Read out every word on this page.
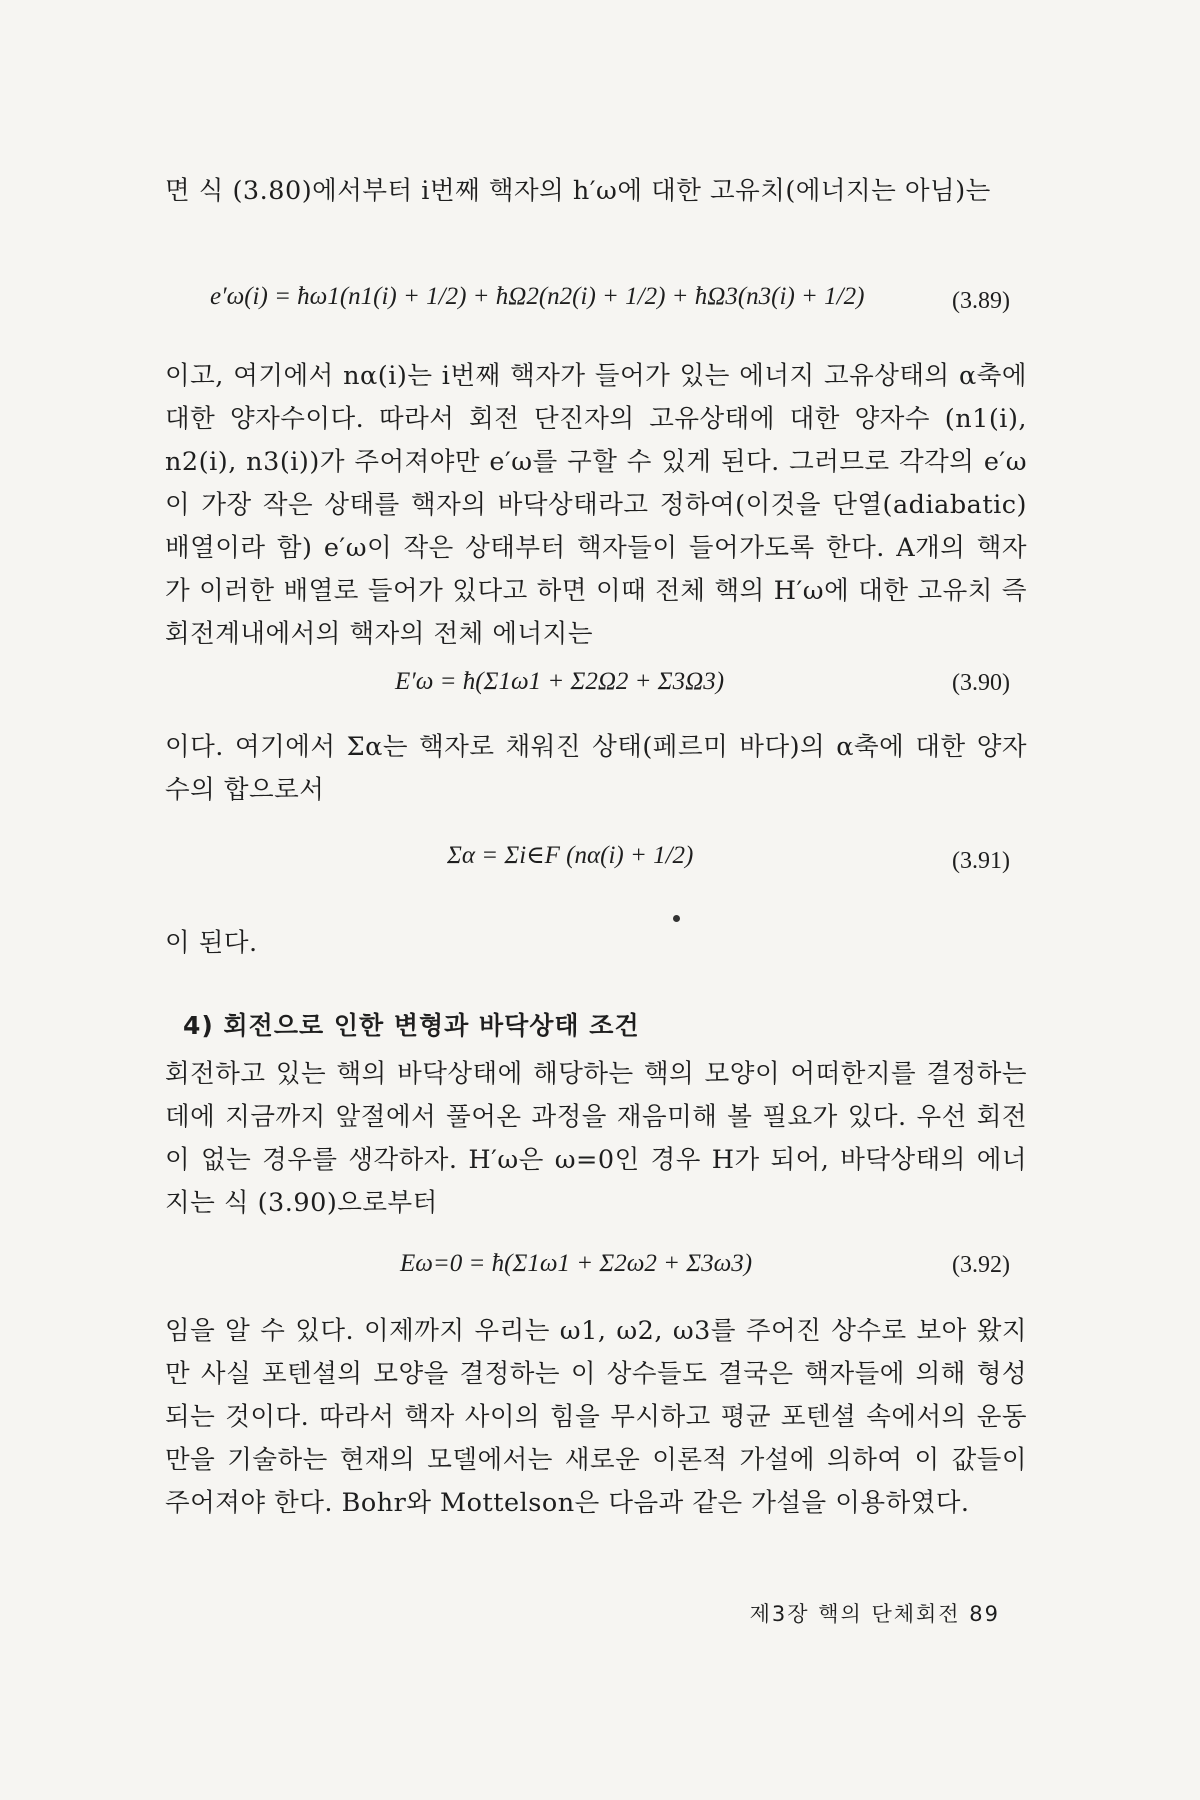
면 식 (3.80)에서부터 i번째 핵자의 h′ω에 대한 고유치(에너지는 아님)는
e′ω(i) = ħω1(n1(i) + 1/2) + ħΩ2(n2(i) + 1/2) + ħΩ3(n3(i) + 1/2)	(3.89)
이고, 여기에서 nα(i)는 i번째 핵자가 들어가 있는 에너지 고유상태의 α축에 대한 양자수이다. 따라서 회전 단진자의 고유상태에 대한 양자수 (n1(i), n2(i), n3(i))가 주어져야만 e′ω를 구할 수 있게 된다. 그러므로 각각의 e′ω이 가장 작은 상태를 핵자의 바닥상태라고 정하여(이것을 단열(adiabatic)배열이라 함) e′ω이 작은 상태부터 핵자들이 들어가도록 한다. A개의 핵자가 이러한 배열로 들어가 있다고 하면 이때 전체 핵의 H′ω에 대한 고유치 즉 회전계내에서의 핵자의 전체 에너지는
E′ω = ħ(Σ1ω1 + Σ2Ω2 + Σ3Ω3)	(3.90)
이다. 여기에서 Σα는 핵자로 채워진 상태(페르미 바다)의 α축에 대한 양자수의 합으로서
Σα = Σi∈F (nα(i) + 1/2)	(3.91)
이 된다.
4) 회전으로 인한 변형과 바닥상태 조건
회전하고 있는 핵의 바닥상태에 해당하는 핵의 모양이 어떠한지를 결정하는 데에 지금까지 앞절에서 풀어온 과정을 재음미해 볼 필요가 있다. 우선 회전이 없는 경우를 생각하자. H′ω은 ω=0인 경우 H가 되어, 바닥상태의 에너지는 식 (3.90)으로부터
Eω=0 = ħ(Σ1ω1 + Σ2ω2 + Σ3ω3)	(3.92)
임을 알 수 있다. 이제까지 우리는 ω1, ω2, ω3를 주어진 상수로 보아 왔지만 사실 포텐셜의 모양을 결정하는 이 상수들도 결국은 핵자들에 의해 형성되는 것이다. 따라서 핵자 사이의 힘을 무시하고 평균 포텐셜 속에서의 운동만을 기술하는 현재의 모델에서는 새로운 이론적 가설에 의하여 이 값들이 주어져야 한다. Bohr와 Mottelson은 다음과 같은 가설을 이용하였다.
제3장 핵의 단체회전 89
